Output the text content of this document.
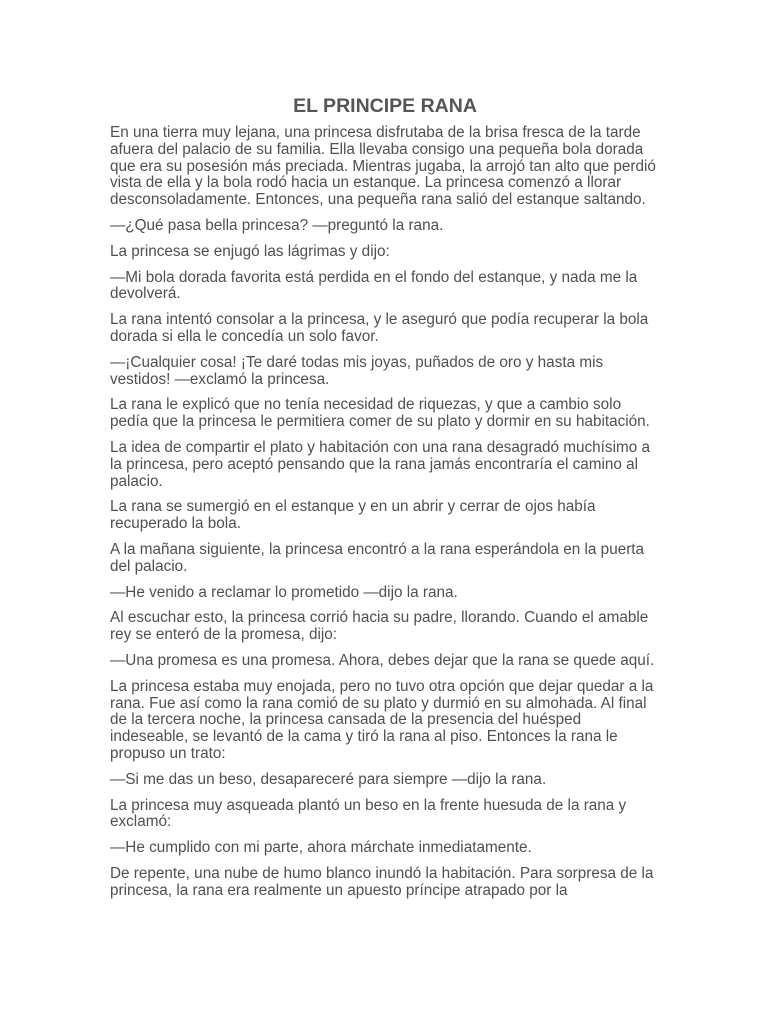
EL PRINCIPE RANA

En una tierra muy lejana, una princesa disfrutaba de la brisa fresca de la tarde afuera del palacio de su familia. Ella llevaba consigo una pequeña bola dorada que era su posesión más preciada. Mientras jugaba, la arrojó tan alto que perdió vista de ella y la bola rodó hacia un estanque. La princesa comenzó a llorar desconsoladamente. Entonces, una pequeña rana salió del estanque saltando.

—¿Qué pasa bella princesa? —preguntó la rana.

La princesa se enjugó las lágrimas y dijo:

—Mi bola dorada favorita está perdida en el fondo del estanque, y nada me la devolverá.

La rana intentó consolar a la princesa, y le aseguró que podía recuperar la bola dorada si ella le concedía un solo favor.

—¡Cualquier cosa! ¡Te daré todas mis joyas, puñados de oro y hasta mis vestidos! —exclamó la princesa.

La rana le explicó que no tenía necesidad de riquezas, y que a cambio solo pedía que la princesa le permitiera comer de su plato y dormir en su habitación.

La idea de compartir el plato y habitación con una rana desagradó muchísimo a la princesa, pero aceptó pensando que la rana jamás encontraría el camino al palacio.

La rana se sumergió en el estanque y en un abrir y cerrar de ojos había recuperado la bola.

A la mañana siguiente, la princesa encontró a la rana esperándola en la puerta del palacio.

—He venido a reclamar lo prometido —dijo la rana.

Al escuchar esto, la princesa corrió hacia su padre, llorando. Cuando el amable rey se enteró de la promesa, dijo:

—Una promesa es una promesa. Ahora, debes dejar que la rana se quede aquí.

La princesa estaba muy enojada, pero no tuvo otra opción que dejar quedar a la rana. Fue así como la rana comió de su plato y durmió en su almohada. Al final de la tercera noche, la princesa cansada de la presencia del huésped indeseable, se levantó de la cama y tiró la rana al piso. Entonces la rana le propuso un trato:

—Si me das un beso, desapareceré para siempre —dijo la rana.

La princesa muy asqueada plantó un beso en la frente huesuda de la rana y exclamó:

—He cumplido con mi parte, ahora márchate inmediatamente.

De repente, una nube de humo blanco inundó la habitación. Para sorpresa de la princesa, la rana era realmente un apuesto príncipe atrapado por la
